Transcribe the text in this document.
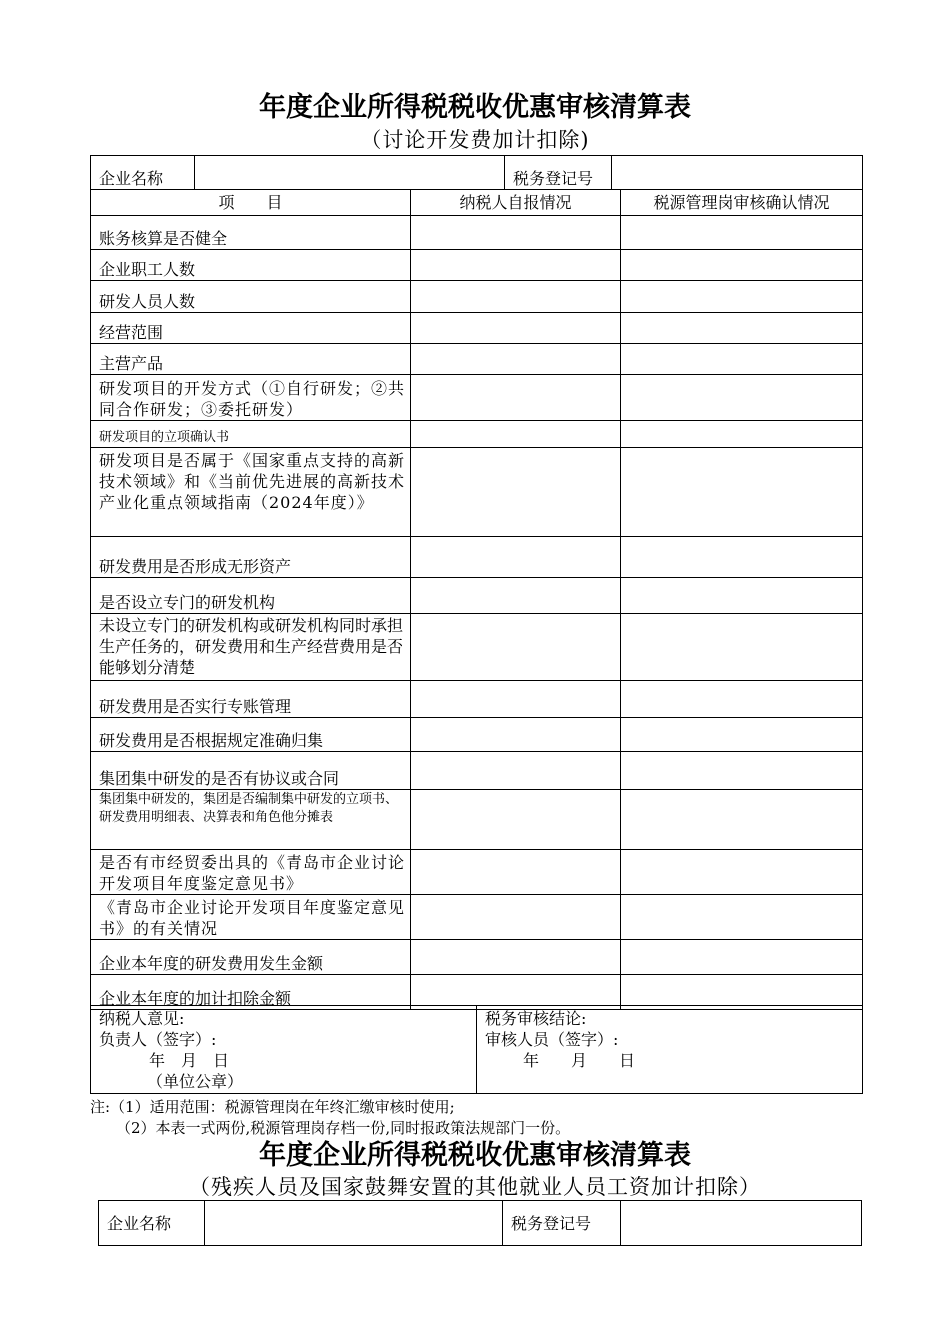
年度企业所得税税收优惠审核清算表
（讨论开发费加计扣除)
企业名称		税务登记号	
项　　目	纳税人自报情况	税源管理岗审核确认情况
账务核算是否健全		
企业职工人数		
研发人员人数		
经营范围		
主营产品		
研发项目的开发方式（①自行研发；②共同合作研发；③委托研发）		
研发项目的立项确认书		
研发项目是否属于《国家重点支持的高新技术领域》和《当前优先进展的高新技术产业化重点领域指南（2024年度）》		
研发费用是否形成无形资产		
是否设立专门的研发机构		
未设立专门的研发机构或研发机构同时承担生产任务的，研发费用和生产经营费用是否能够划分清楚		
研发费用是否实行专账管理		
研发费用是否根据规定准确归集		
集团集中研发的是否有协议或合同		
集团集中研发的，集团是否编制集中研发的立项书、研发费用明细表、决算表和角色他分摊表		
是否有市经贸委出具的《青岛市企业讨论开发项目年度鉴定意见书》		
《青岛市企业讨论开发项目年度鉴定意见书》的有关情况		
企业本年度的研发费用发生金额		
企业本年度的加计扣除金额		
纳税人意见:
负责人（签字）:
年　月　日
（单位公章）

税务审核结论:
审核人员（签字）:
年　　月　　日
注:（1）适用范围：税源管理岗在年终汇缴审核时使用;
（2）本表一式两份,税源管理岗存档一份,同时报政策法规部门一份。
年度企业所得税税收优惠审核清算表
（残疾人员及国家鼓舞安置的其他就业人员工资加计扣除）
企业名称		税务登记号	
